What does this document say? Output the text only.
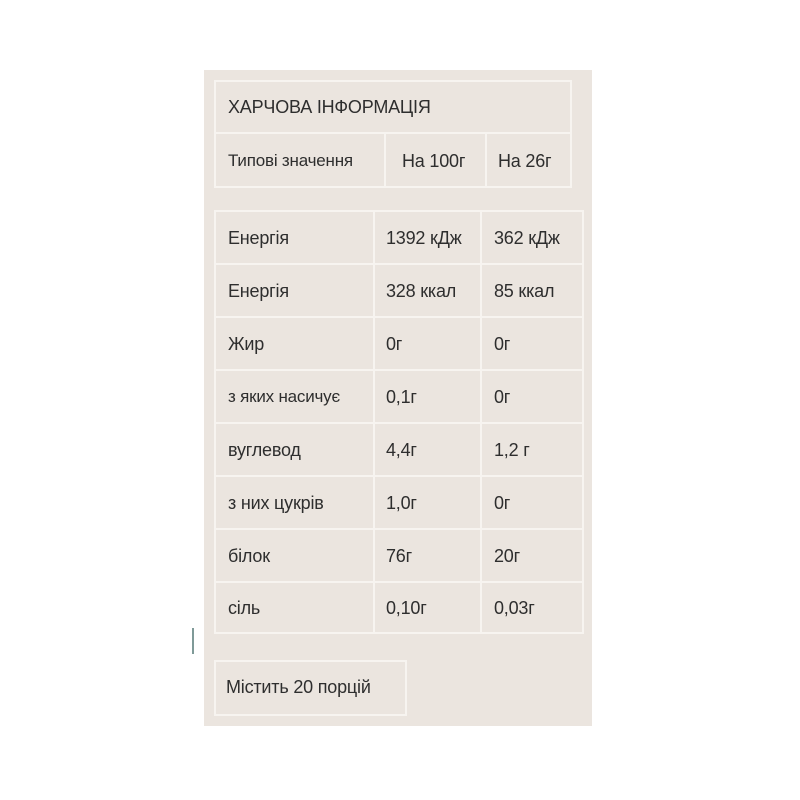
ХАРЧОВА ІНФОРМАЦІЯ
Типові значення	На 100г На 26г
Енергія	1392 кДж 362 кДж
Енергія	328 ккал 85 ккал
Жир	0г	0г
з яких насичує	0,1г	0г
вуглевод	4,4г	1,2 г
з них цукрів	1,0г	0г
білок	76г	20г
сіль	0,10г	0,03г
Містить 20 порцій
